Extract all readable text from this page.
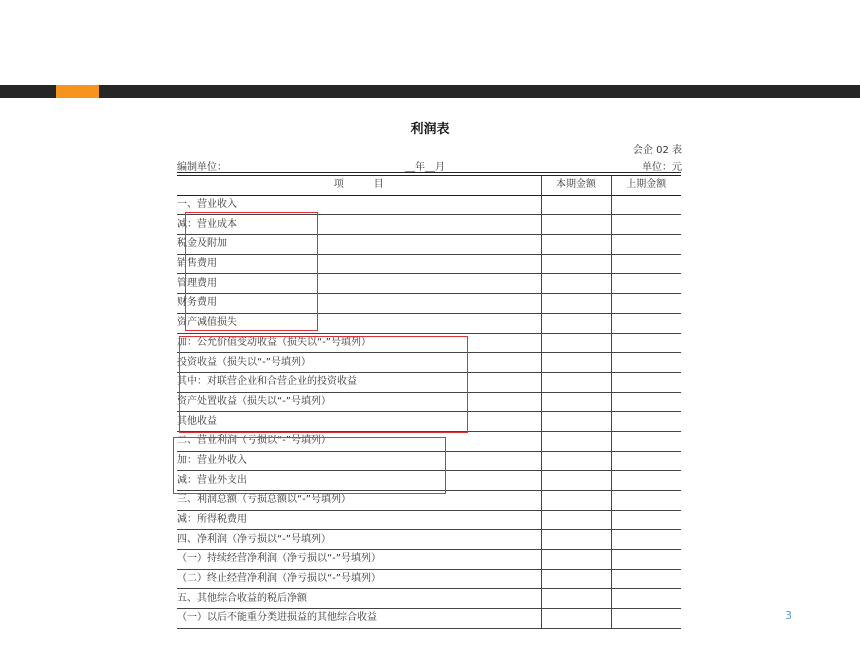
利润表
会企 02 表
编制单位：	__年__月	单位：元
项　　　目	本期金额	上期金额
一、营业收入		
减：营业成本		
税金及附加		
销售费用		
管理费用		
财务费用		
资产减值损失		
加：公允价值变动收益（损失以“-”号填列）		
投资收益（损失以“-”号填列）		
其中：对联营企业和合营企业的投资收益		
资产处置收益（损失以“-”号填列）		
其他收益		
二、营业利润（亏损以“-”号填列）		
加：营业外收入		
减：营业外支出		
三、利润总额（亏损总额以“-”号填列）		
减：所得税费用		
四、净利润（净亏损以“-”号填列）		
（一）持续经营净利润（净亏损以“-”号填列）		
（二）终止经营净利润（净亏损以“-”号填列）		
五、其他综合收益的税后净额		
（一）以后不能重分类进损益的其他综合收益			3
